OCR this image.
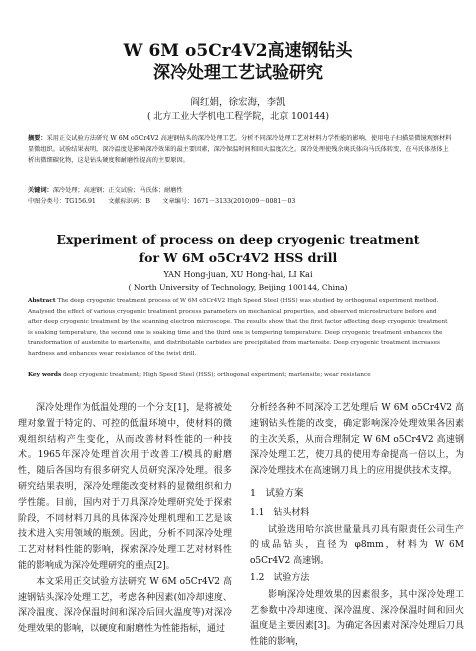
W 6M o5Cr4V2高速钢钻头
深冷处理工艺试验研究
阎红娟，徐宏海，李凯
( 北方工业大学机电工程学院，北京 100144)
摘要：采用正交试验方法研究 W 6M o5Cr4V2 高速钢钻头的深冷处理工艺。分析不同深冷处理工艺对材料力学性能的影响，使用电子扫描显微镜观察材料显微组织。试验结果表明，深冷温度是影响深冷效果的最主要因素，深冷保温时间和回火温度次之。深冷处理使残余奥氏体向马氏体转变，在马氏体基体上析出微细碳化物，这是钻头硬度和耐磨性提高的主要原因。
关键词：深冷处理；高速钢；正交试验；马氏体；耐磨性
中图分类号：TG156.91　　文献标识码：B　　文章编号：1671－3133(2010)09－0081－03
Experiment of process on deep cryogenic treatment
for W 6M o5Cr4V2 HSS drill
YAN Hong-juan, XU Hong-hai, LI Kai
( North University of Technology, Beijing 100144, China)
Abstract The deep cryogenic treatment process of W 6M o5Cr4V2 High Speed Steel (HSS) was studied by orthogonal experiment method. Analysed the effect of various cryogenic treatment process parameters on mechanical properties, and observed microstructure before and after deep cryogenic treatment by the scanning electron microscope. The results show that the first factor affecting deep cryogenic treatment is soaking temperature, the second one is soaking time and the third one is tempering temperature. Deep cryogenic treatment enhances the transformation of austenite to martensite, and distributable carbides are precipitated from martensite. Deep cryogenic treatment increases hardness and enhances wear resistance of the twist drill.
Key words deep cryogenic treatment; High Speed Steel (HSS); orthogonal experiment; martensite; wear resistance

深冷处理作为低温处理的一个分支[1]，是将被处理对象置于特定的、可控的低温环境中，使材料的微观组织结构产生变化，从而改善材料性能的一种技术。1965年深冷处理首次用于改善工/模具的耐磨性，随后各国均有很多研究人员研究深冷处理。很多研究结果表明，深冷处理能改变材料的显微组织和力学性能。目前，国内对于刀具深冷处理研究处于探索阶段，不同材料刀具的具体深冷处理机理和工艺是该技术进入实用领域的瓶颈。因此，分析不同深冷处理工艺对材料性能的影响，探索深冷处理工艺对材料性能的影响成为深冷处理研究的重点[2]。

本文采用正交试验方法研究 W 6M o5Cr4V2 高速钢钻头深冷处理工艺，考虑各种因素(如冷却速度、深冷温度、深冷保温时间和深冷后回火温度等)对深冷处理效果的影响，以硬度和耐磨性为性能指标，通过

分析经各种不同深冷工艺处理后 W 6M o5Cr4V2 高速钢钻头性能的改变，确定影响深冷处理效果各因素的主次关系，从而合理制定 W 6M o5Cr4V2 高速钢深冷处理工艺，使刀具的使用寿命提高一倍以上，为深冷处理技术在高速钢刀具上的应用提供技术支撑。

1　试验方案
1.1　钻头材料

试验选用哈尔滨世量量具刃具有限责任公司生产的成品钻头，直径为 φ8mm，材料为 W 6M o5Cr4V2 高速钢。

1.2　试验方法

影响深冷处理效果的因素很多，其中深冷处理工艺参数中冷却速度、深冷温度、深冷保温时间和回火温度是主要因素[3]。为确定各因素对深冷处理后刀具性能的影响，
